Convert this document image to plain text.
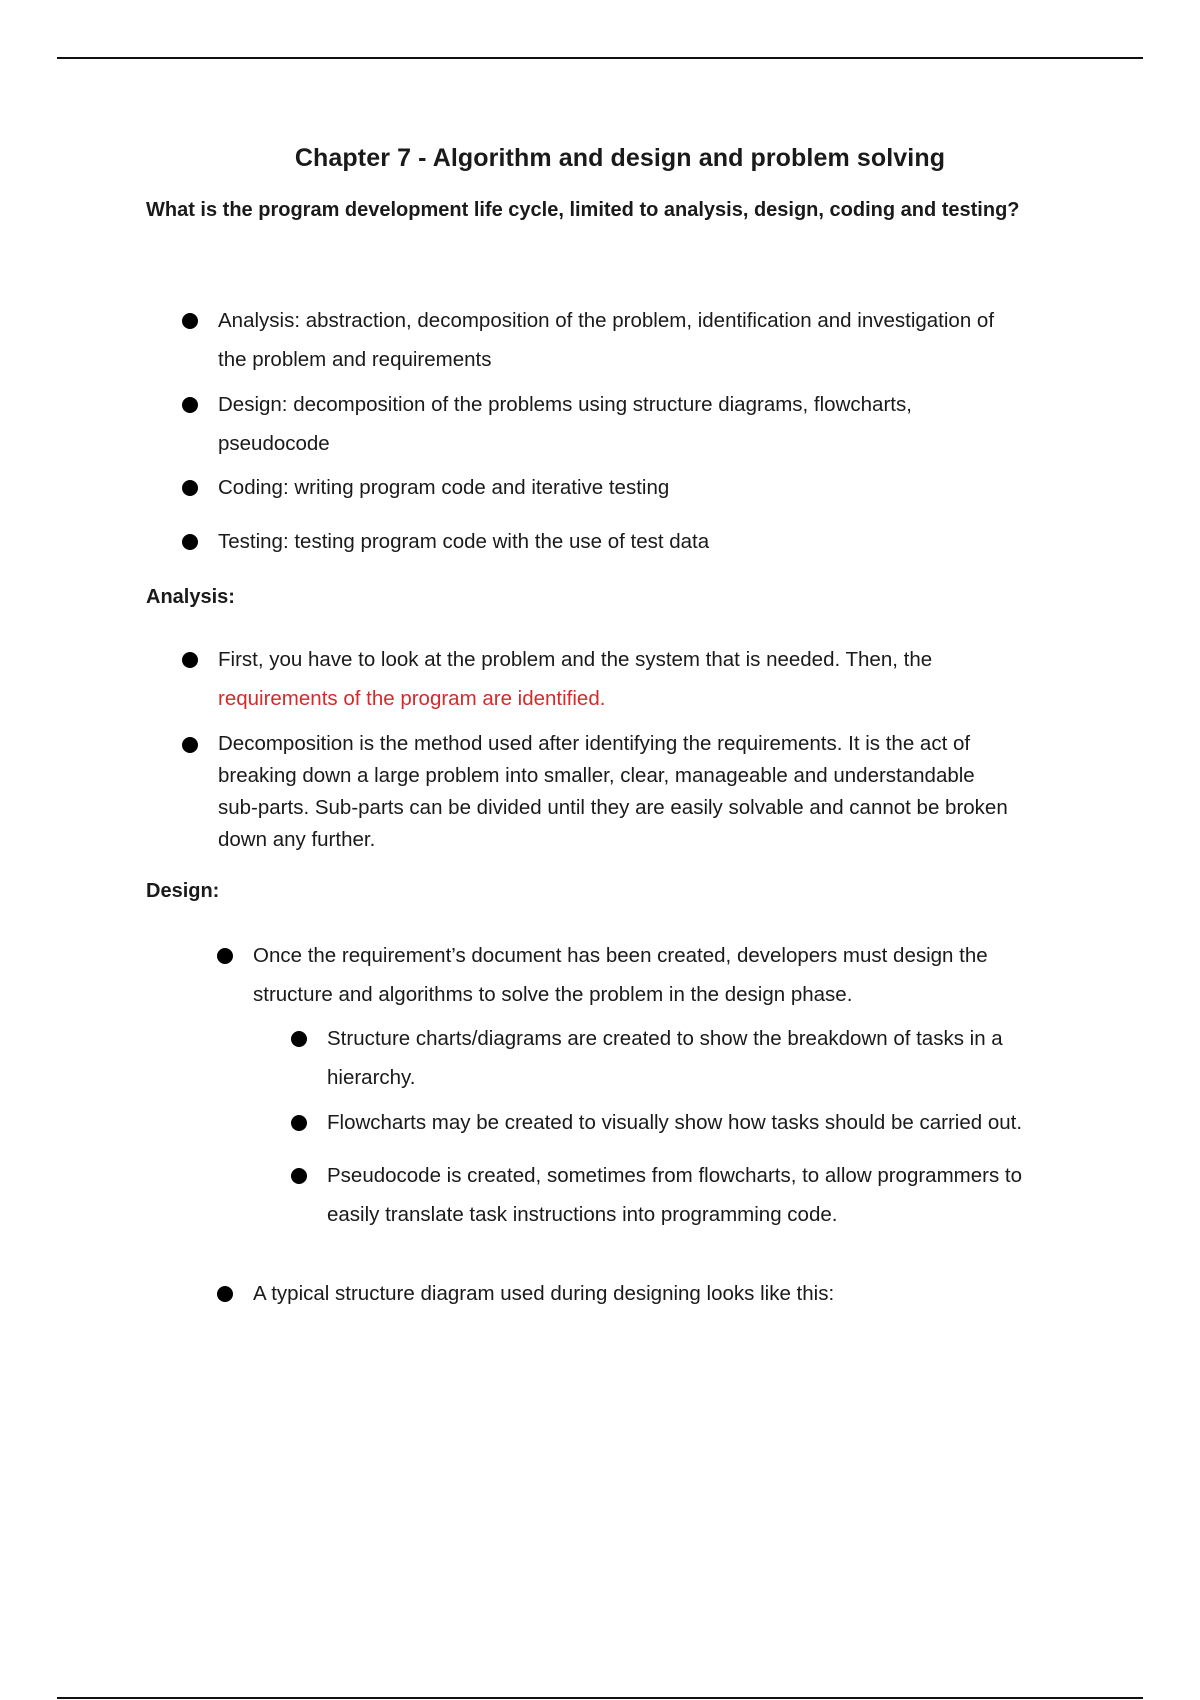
Chapter 7 - Algorithm and design and problem solving
What is the program development life cycle, limited to analysis, design, coding and testing?
Analysis: abstraction, decomposition of the problem, identification and investigation of
the problem and requirements
Design: decomposition of the problems using structure diagrams, flowcharts,
pseudocode
Coding: writing program code and iterative testing
Testing: testing program code with the use of test data
Analysis:
First, you have to look at the problem and the system that is needed. Then, the
requirements of the program are identified.
Decomposition is the method used after identifying the requirements. It is the act of
breaking down a large problem into smaller, clear, manageable and understandable
sub-parts. Sub-parts can be divided until they are easily solvable and cannot be broken
down any further.
Design:
Once the requirement’s document has been created, developers must design the
structure and algorithms to solve the problem in the design phase.
Structure charts/diagrams are created to show the breakdown of tasks in a
hierarchy.
Flowcharts may be created to visually show how tasks should be carried out.
Pseudocode is created, sometimes from flowcharts, to allow programmers to
easily translate task instructions into programming code.
A typical structure diagram used during designing looks like this:
